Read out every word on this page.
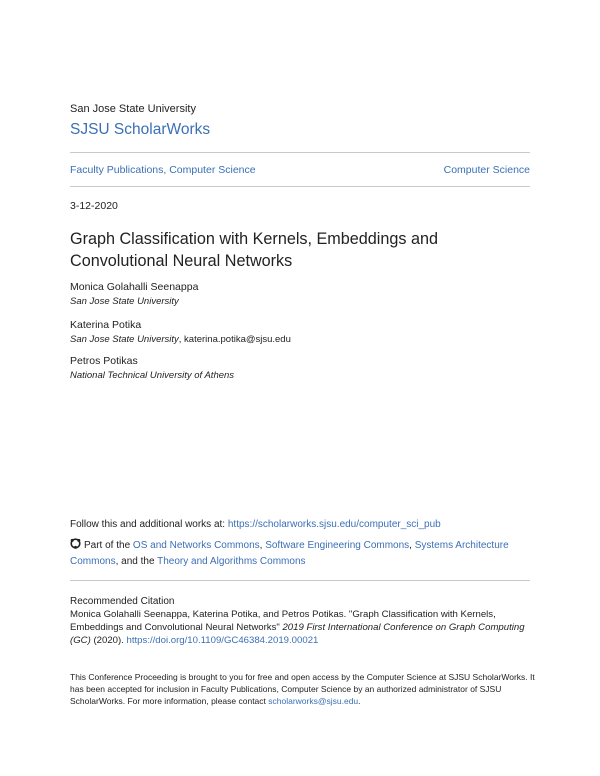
San Jose State University
SJSU ScholarWorks
Faculty Publications, Computer Science	Computer Science
3-12-2020
Graph Classification with Kernels, Embeddings and Convolutional Neural Networks
Monica Golahalli Seenappa
San Jose State University
Katerina Potika
San Jose State University, katerina.potika@sjsu.edu
Petros Potikas
National Technical University of Athens
Follow this and additional works at: https://scholarworks.sjsu.edu/computer_sci_pub
Part of the OS and Networks Commons, Software Engineering Commons, Systems Architecture Commons, and the Theory and Algorithms Commons
Recommended Citation
Monica Golahalli Seenappa, Katerina Potika, and Petros Potikas. "Graph Classification with Kernels, Embeddings and Convolutional Neural Networks" 2019 First International Conference on Graph Computing (GC) (2020). https://doi.org/10.1109/GC46384.2019.00021
This Conference Proceeding is brought to you for free and open access by the Computer Science at SJSU ScholarWorks. It has been accepted for inclusion in Faculty Publications, Computer Science by an authorized administrator of SJSU ScholarWorks. For more information, please contact scholarworks@sjsu.edu.
